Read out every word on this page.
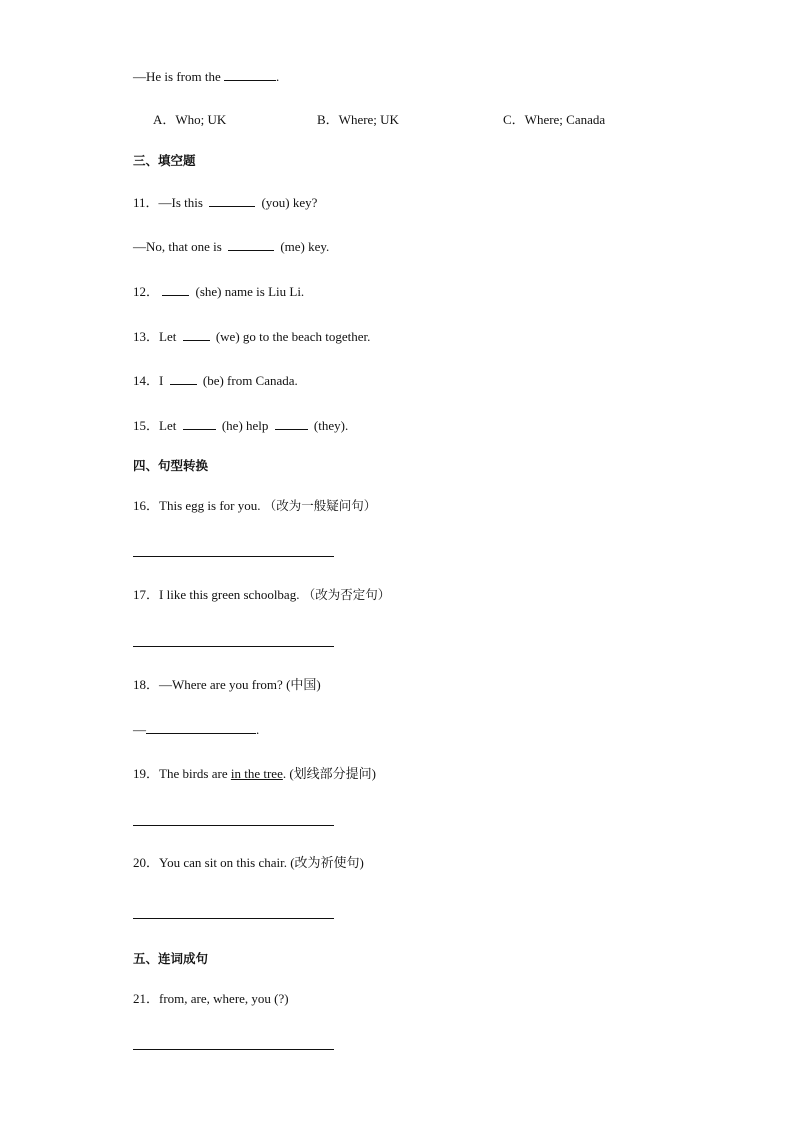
—He is from the	.
A．Who; UK	B．Where; UK	C．Where; Canada
三、填空题
11．—Is this	(you) key?
—No, that one is	(me) key.
12．	(she) name is Liu Li.
13．Let	(we) go to the beach together.
14．I	(be) from Canada.
15．Let	(he) help	(they).
四、句型转换
16．This egg is for you. （改为一般疑问句）
17．I like this green schoolbag. （改为否定句）
18．—Where are you from? (中国)
—	.
19．The birds are in the tree. (划线部分提问)
20．You can sit on this chair. (改为祈使句)
五、连词成句
21．from, are, where, you (?)
